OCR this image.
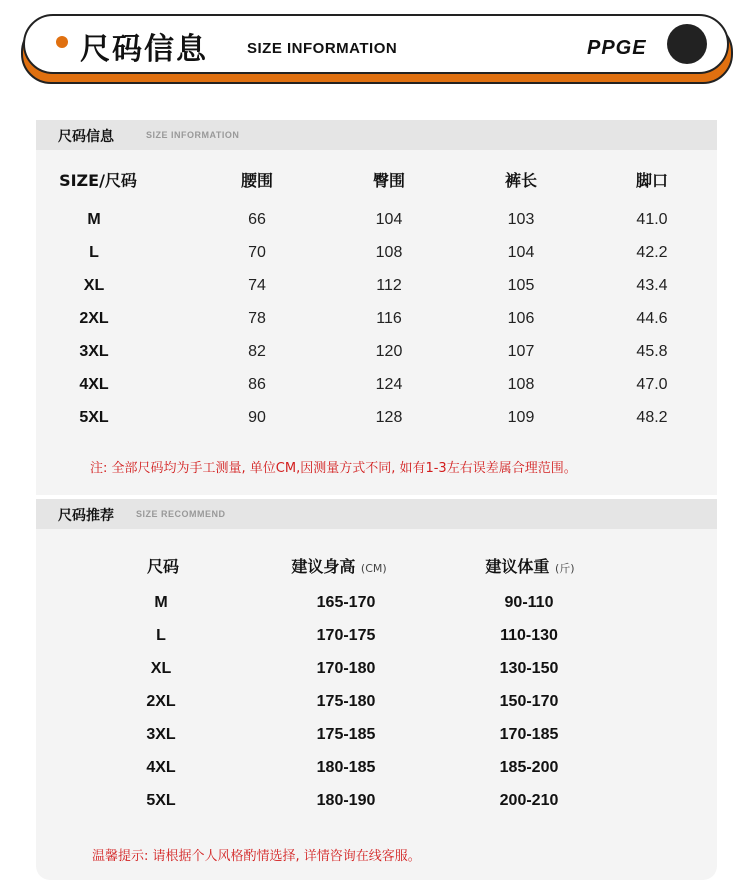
尺码信息	SIZE INFORMATION	PPGE
尺码信息	SIZE INFORMATION
SIZE/尺码	腰围	臀围	裤长	脚口
M	66	104	103	41.0
L	70	108	104	42.2
XL	74	112	105	43.4
2XL	78	116	106	44.6
3XL	82	120	107	45.8
4XL	86	124	108	47.0
5XL	90	128	109	48.2
注: 全部尺码均为手工测量, 单位CM,因测量方式不同, 如有1-3左右误差属合理范围。
尺码推荐 SIZE RECOMMEND
尺码	建议身高 (CM)	建议体重 (斤)
M	165-170	90-110
L	170-175	110-130
XL	170-180	130-150
2XL	175-180	150-170
3XL	175-185	170-185
4XL	180-185	185-200
5XL	180-190	200-210
温馨提示: 请根据个人风格酌情选择, 详情咨询在线客服。
